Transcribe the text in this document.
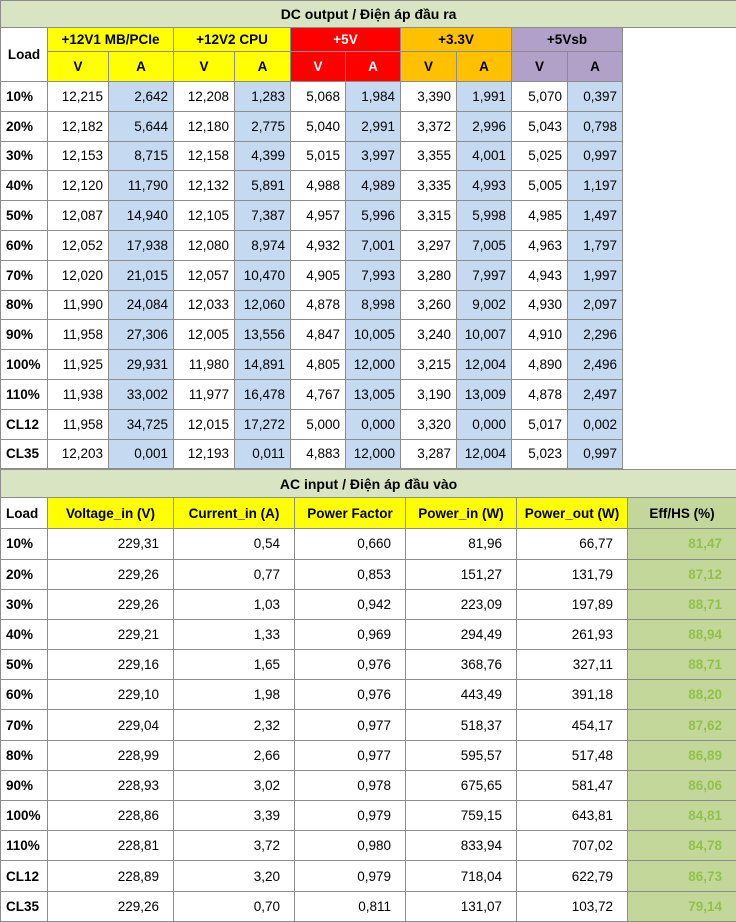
DC output / Điện áp đầu ra											
Load	+12V1 MB/PCIe		+12V2 CPU		+5V		+3.3V		+5Vsb		
	V	A	V	A	V	A	V	A	V	A	
10%	12,215	2,642	12,208	1,283	5,068	1,984	3,390	1,991	5,070	0,397	
20%	12,182	5,644	12,180	2,775	5,040	2,991	3,372	2,996	5,043	0,798	
30%	12,153	8,715	12,158	4,399	5,015	3,997	3,355	4,001	5,025	0,997	
40%	12,120	11,790	12,132	5,891	4,988	4,989	3,335	4,993	5,005	1,197	
50%	12,087	14,940	12,105	7,387	4,957	5,996	3,315	5,998	4,985	1,497	
60%	12,052	17,938	12,080	8,974	4,932	7,001	3,297	7,005	4,963	1,797	
70%	12,020	21,015	12,057	10,470	4,905	7,993	3,280	7,997	4,943	1,997	
80%	11,990	24,084	12,033	12,060	4,878	8,998	3,260	9,002	4,930	2,097	
90%	11,958	27,306	12,005	13,556	4,847	10,005	3,240	10,007	4,910	2,296	
100%	11,925	29,931	11,980	14,891	4,805	12,000	3,215	12,004	4,890	2,496	
110%	11,938	33,002	11,977	16,478	4,767	13,005	3,190	13,009	4,878	2,497	
CL12	11,958	34,725	12,015	17,272	5,000	0,000	3,320	0,000	5,017	0,002	
CL35	12,203	0,001	12,193	0,011	4,883	12,000	3,287	12,004	5,023	0,997	
AC input / Điện áp đầu vào						
Load	Voltage_in (V)	Current_in (A)	Power Factor	Power_in (W)	Power_out (W)	Eff/HS (%)
10%	229,31	0,54	0,660	81,96	66,77	81,47
20%	229,26	0,77	0,853	151,27	131,79	87,12
30%	229,26	1,03	0,942	223,09	197,89	88,71
40%	229,21	1,33	0,969	294,49	261,93	88,94
50%	229,16	1,65	0,976	368,76	327,11	88,71
60%	229,10	1,98	0,976	443,49	391,18	88,20
70%	229,04	2,32	0,977	518,37	454,17	87,62
80%	228,99	2,66	0,977	595,57	517,48	86,89
90%	228,93	3,02	0,978	675,65	581,47	86,06
100%	228,86	3,39	0,979	759,15	643,81	84,81
110%	228,81	3,72	0,980	833,94	707,02	84,78
CL12	228,89	3,20	0,979	718,04	622,79	86,73
CL35	229,26	0,70	0,811	131,07	103,72	79,14
